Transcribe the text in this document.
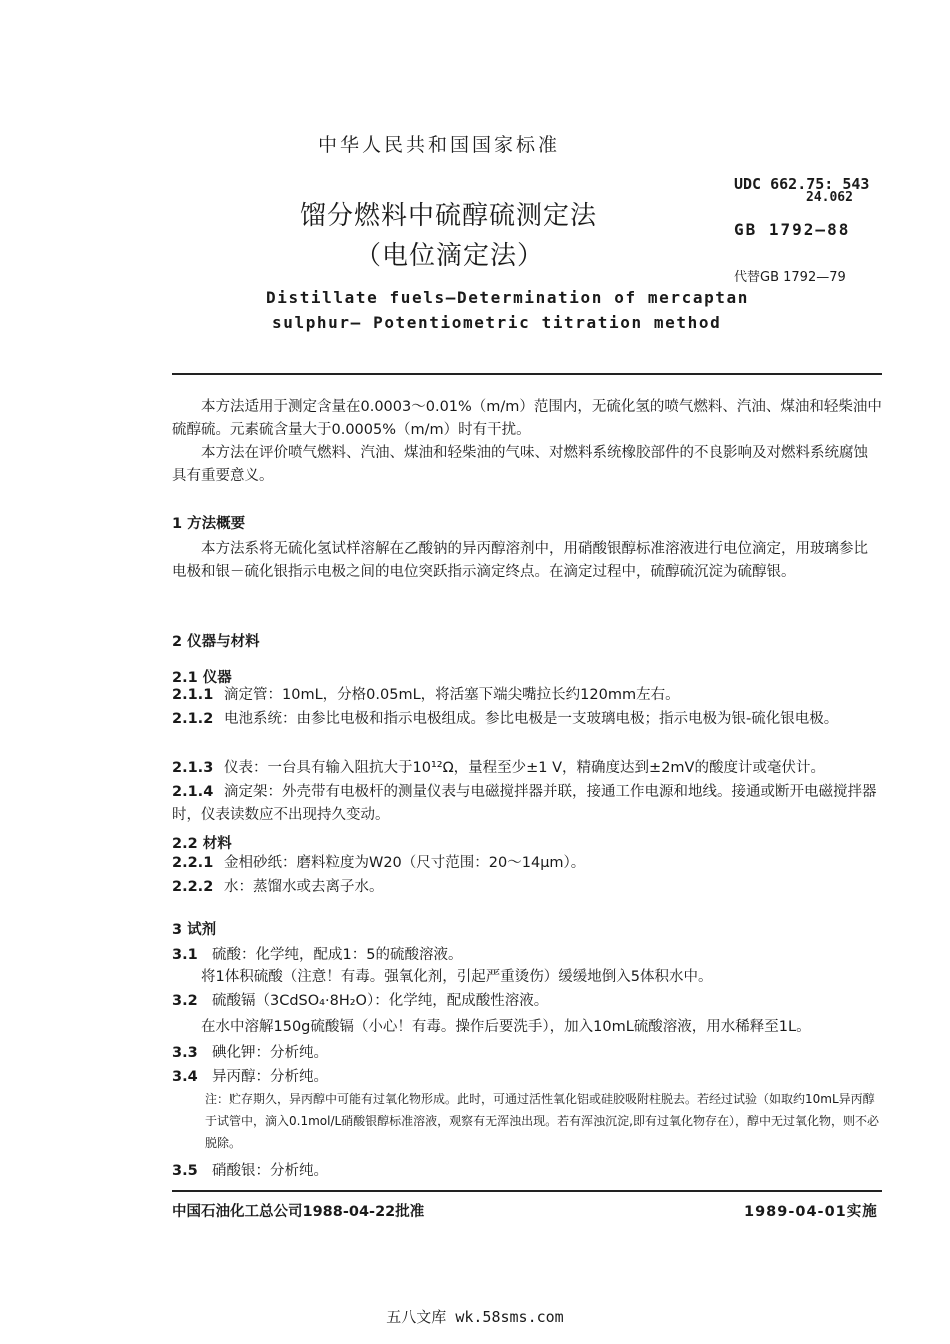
中华人民共和国国家标准
馏分燃料中硫醇硫测定法
（电位滴定法）
Distillate fuels—Determination of mercaptan
sulphur— Potentiometric titration method
UDC 662.75: 543
24.062
GB 1792—88
代替GB 1792—79

本方法适用于测定含量在0.0003～0.01%（m/m）范围内，无硫化氢的喷气燃料、汽油、煤油和轻柴油中硫醇硫。元素硫含量大于0.0005%（m/m）时有干扰。

本方法在评价喷气燃料、汽油、煤油和轻柴油的气味、对燃料系统橡胶部件的不良影响及对燃料系统腐蚀具有重要意义。

1 方法概要

本方法系将无硫化氢试样溶解在乙酸钠的异丙醇溶剂中，用硝酸银醇标准溶液进行电位滴定，用玻璃参比电极和银－硫化银指示电极之间的电位突跃指示滴定终点。在滴定过程中，硫醇硫沉淀为硫醇银。

2 仪器与材料
2.1 仪器
2.1.1 滴定管：10mL，分格0.05mL，将活塞下端尖嘴拉长约120mm左右。
2.1.2 电池系统：由参比电极和指示电极组成。参比电极是一支玻璃电极；指示电极为银-硫化银电极。
2.1.3 仪表：一台具有输入阻抗大于10¹²Ω，量程至少±1 V，精确度达到±2mV的酸度计或毫伏计。
2.1.4 滴定架：外壳带有电极杆的测量仪表与电磁搅拌器并联，接通工作电源和地线。接通或断开电磁搅拌器时，仪表读数应不出现持久变动。
2.2 材料
2.2.1 金相砂纸：磨料粒度为W20（尺寸范围：20～14μm）。
2.2.2 水：蒸馏水或去离子水。
3 试剂
3.1 硫酸：化学纯，配成1：5的硫酸溶液。
将1体积硫酸（注意！有毒。强氧化剂，引起严重烫伤）缓缓地倒入5体积水中。
3.2 硫酸镉（3CdSO₄·8H₂O）：化学纯，配成酸性溶液。
在水中溶解150g硫酸镉（小心！有毒。操作后要洗手），加入10mL硫酸溶液，用水稀释至1L。
3.3 碘化钾：分析纯。
3.4 异丙醇：分析纯。
注：贮存期久，异丙醇中可能有过氧化物形成。此时，可通过活性氧化铝或硅胶吸附柱脱去。若经过试验（如取约10mL异丙醇于试管中，滴入0.1mol/L硝酸银醇标准溶液，观察有无浑浊出现。若有浑浊沉淀,即有过氧化物存在），醇中无过氧化物，则不必脱除。
3.5 硝酸银：分析纯。
中国石油化工总公司1988-04-22批准	1989-04-01实施
五八文库 wk.58sms.com
